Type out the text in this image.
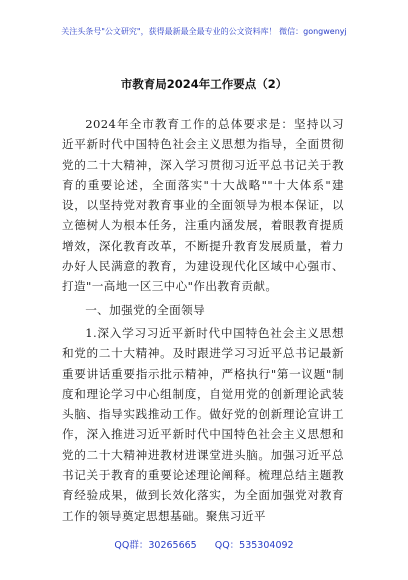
关注头条号"公文研究"，获得最新最全最专业的公文资料库！ 微信：gongwenyj
市教育局2024年工作要点（2）

2024年全市教育工作的总体要求是：坚持以习近平新时代中国特色社会主义思想为指导，全面贯彻党的二十大精神，深入学习贯彻习近平总书记关于教育的重要论述，全面落实"十大战略""十大体系"建设，以坚持党对教育事业的全面领导为根本保证，以立德树人为根本任务，注重内涵发展，着眼教育提质增效，深化教育改革，不断提升教育发展质量，着力办好人民满意的教育，为建设现代化区域中心强市、打造"一高地一区三中心"作出教育贡献。

一、加强党的全面领导

1.深入学习习近平新时代中国特色社会主义思想和党的二十大精神。及时跟进学习习近平总书记最新重要讲话重要指示批示精神，严格执行"第一议题"制度和理论学习中心组制度，自觉用党的创新理论武装头脑、指导实践推动工作。做好党的创新理论宣讲工作，深入推进习近平新时代中国特色社会主义思想和党的二十大精神进教材进课堂进头脑。加强习近平总书记关于教育的重要论述理论阐释。梳理总结主题教育经验成果，做到长效化落实，为全面加强党对教育工作的领导奠定思想基础。聚焦习近平

QQ群：30265665 QQ：535304092
